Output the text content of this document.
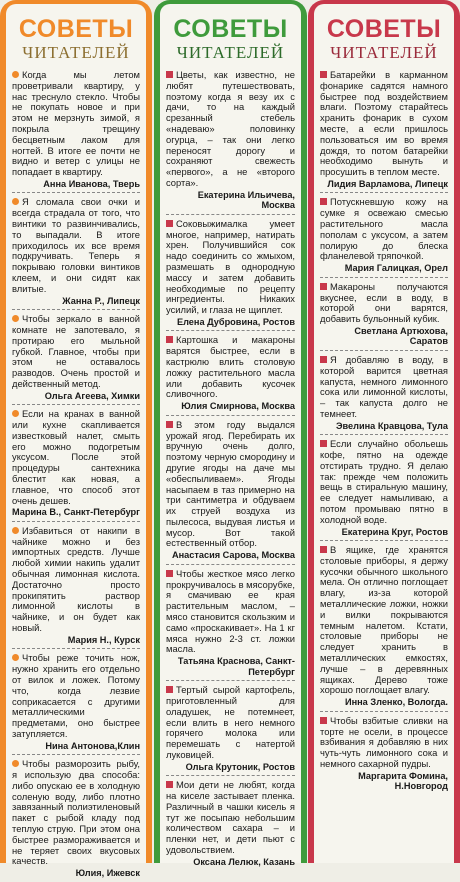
СОВЕТЫ
ЧИТАТЕЛЕЙ
Когда мы летом проветривали квартиру, у нас треснуло стекло. Чтобы не покупать новое и при этом не мерзнуть зимой, я покрыла трещину бесцветным лаком для ногтей. В итоге ее почти не видно и ветер с улицы не попадает в квартиру.
Анна Иванова, Тверь
Я сломала свои очки и всегда страдала от того, что винтики то развинчивались, то выпадали. В итоге приходилось их все время подкручивать. Теперь я покрываю головки винтиков клеем, и они сидят как влитые.
Жанна Р., Липецк
Чтобы зеркало в ванной комнате не запотевало, я протираю его мыльной губкой. Главное, чтобы при этом не оставалось разводов. Очень простой и действенный метод.
Ольга Агеева, Химки
Если на кранах в ванной или кухне скапливается известковый налет, смыть его можно подогретым уксусом. После этой процедуры сантехника блестит как новая, а главное, что способ этот очень дешев.
Марина В., Санкт-Петербург
Избавиться от накипи в чайнике можно и без импортных средств. Лучше любой химии накипь удалит обычная лимонная кислота. Достаточно просто прокипятить раствор лимонной кислоты в чайнике, и он будет как новый.
Мария Н., Курск
Чтобы реже точить нож, нужно хранить его отдельно от вилок и ложек. Потому что, когда лезвие соприкасается с другими металлическими предметами, оно быстрее затупляется.
Нина Антонова,Клин
Чтобы разморозить рыбу, я использую два способа: либо опускаю ее в холодную соленую воду, либо плотно завязанный полиэтиленовый пакет с рыбой кладу под теплую струю. При этом она быстрее размораживается и не теряет своих вкусовых качеств.
Юлия, Ижевск
СОВЕТЫ
ЧИТАТЕЛЕЙ
Цветы, как известно, не любят путешествовать, поэтому когда я везу их с дачи, то на каждый срезанный стебель «надеваю» половинку огурца, – так они легко переносят дорогу и сохраняют свежесть «первого», а не «второго сорта».
Екатерина Ильичева, Москва
Соковыжималка умеет многое, например, натирать хрен. Получившийся сок надо соединить со жмыхом, размешать в однородную массу и затем добавить необходимые по рецепту ингредиенты. Никаких усилий, и глаза не щиплет.
Елена Дубровина, Ростов
Картошка и макароны варятся быстрее, если в кастрюлю влить столовую ложку растительного масла или добавить кусочек сливочного.
Юлия Смирнова, Москва
В этом году выдался урожай ягод. Перебирать их вручную очень долго, поэтому черную смородину и другие ягоды на даче мы «обеспыливаем». Ягоды насыпаем в таз примерно на три сантиметра и обдуваем их струей воздуха из пылесоса, выдувая листья и мусор. Вот такой естественный отбор.
Анастасия Сарова, Москва
Чтобы жесткое мясо легко прокручивалось в мясорубке, я смачиваю ее края растительным маслом, – мясо становится скользким и само «проскакивает». На 1 кг мяса нужно 2-3 ст. ложки масла.
Татьяна Краснова, Санкт-Петербург
Тертый сырой картофель, приготовленный для оладушек, не потемнеет, если влить в него немного горячего молока или перемешать с натертой луковицей.
Ольга Крутоник, Ростов
Мои дети не любят, когда на киселе застывает пленка. Различный в чашки кисель я тут же посыпаю небольшим количеством сахара – и пленки нет, и дети пьют с удовольствием.
Оксана Лелюк, Казань
СОВЕТЫ
ЧИТАТЕЛЕЙ
Батарейки в карманном фонарике садятся намного быстрее под воздействием влаги. Поэтому старайтесь хранить фонарик в сухом месте, а если пришлось пользоваться им во время дождя, то потом батарейки необходимо вынуть и просушить в теплом месте.
Лидия Варламова, Липецк
Потускневшую кожу на сумке я освежаю смесью растительного масла пополам с уксусом, а затем полирую до блеска фланелевой тряпочкой.
Мария Галицкая, Орел
Макароны получаются вкуснее, если в воду, в которой они варятся, добавить бульонный кубик.
Светлана Артюхова, Саратов
Я добавляю в воду, в которой варится цветная капуста, немного лимонного сока или лимонной кислоты, – так капуста долго не темнеет.
Эвелина Кравцова, Тула
Если случайно обольешь кофе, пятно на одежде отстирать трудно. Я делаю так: прежде чем положить вещь в стиральную машину, ее следует намыливаю, а потом промываю пятно в холодной воде.
Екатерина Круг, Ростов
В ящике, где хранятся столовые приборы, я держу кусочки обычного школьного мела. Он отлично поглощает влагу, из-за которой металлические ложки, ножки и вилки покрываются темным налетом. Кстати, столовые приборы не следует хранить в металлических емкостях, лучше – в деревянных ящиках. Дерево тоже хорошо поглощает влагу.
Инна Зленко, Вологда.
Чтобы взбитые сливки на торте не осели, в процессе взбивания я добавляю в них чуть-чуть лимонного сока и немного сахарной пудры.
Маргарита Фомина, Н.Новгород
